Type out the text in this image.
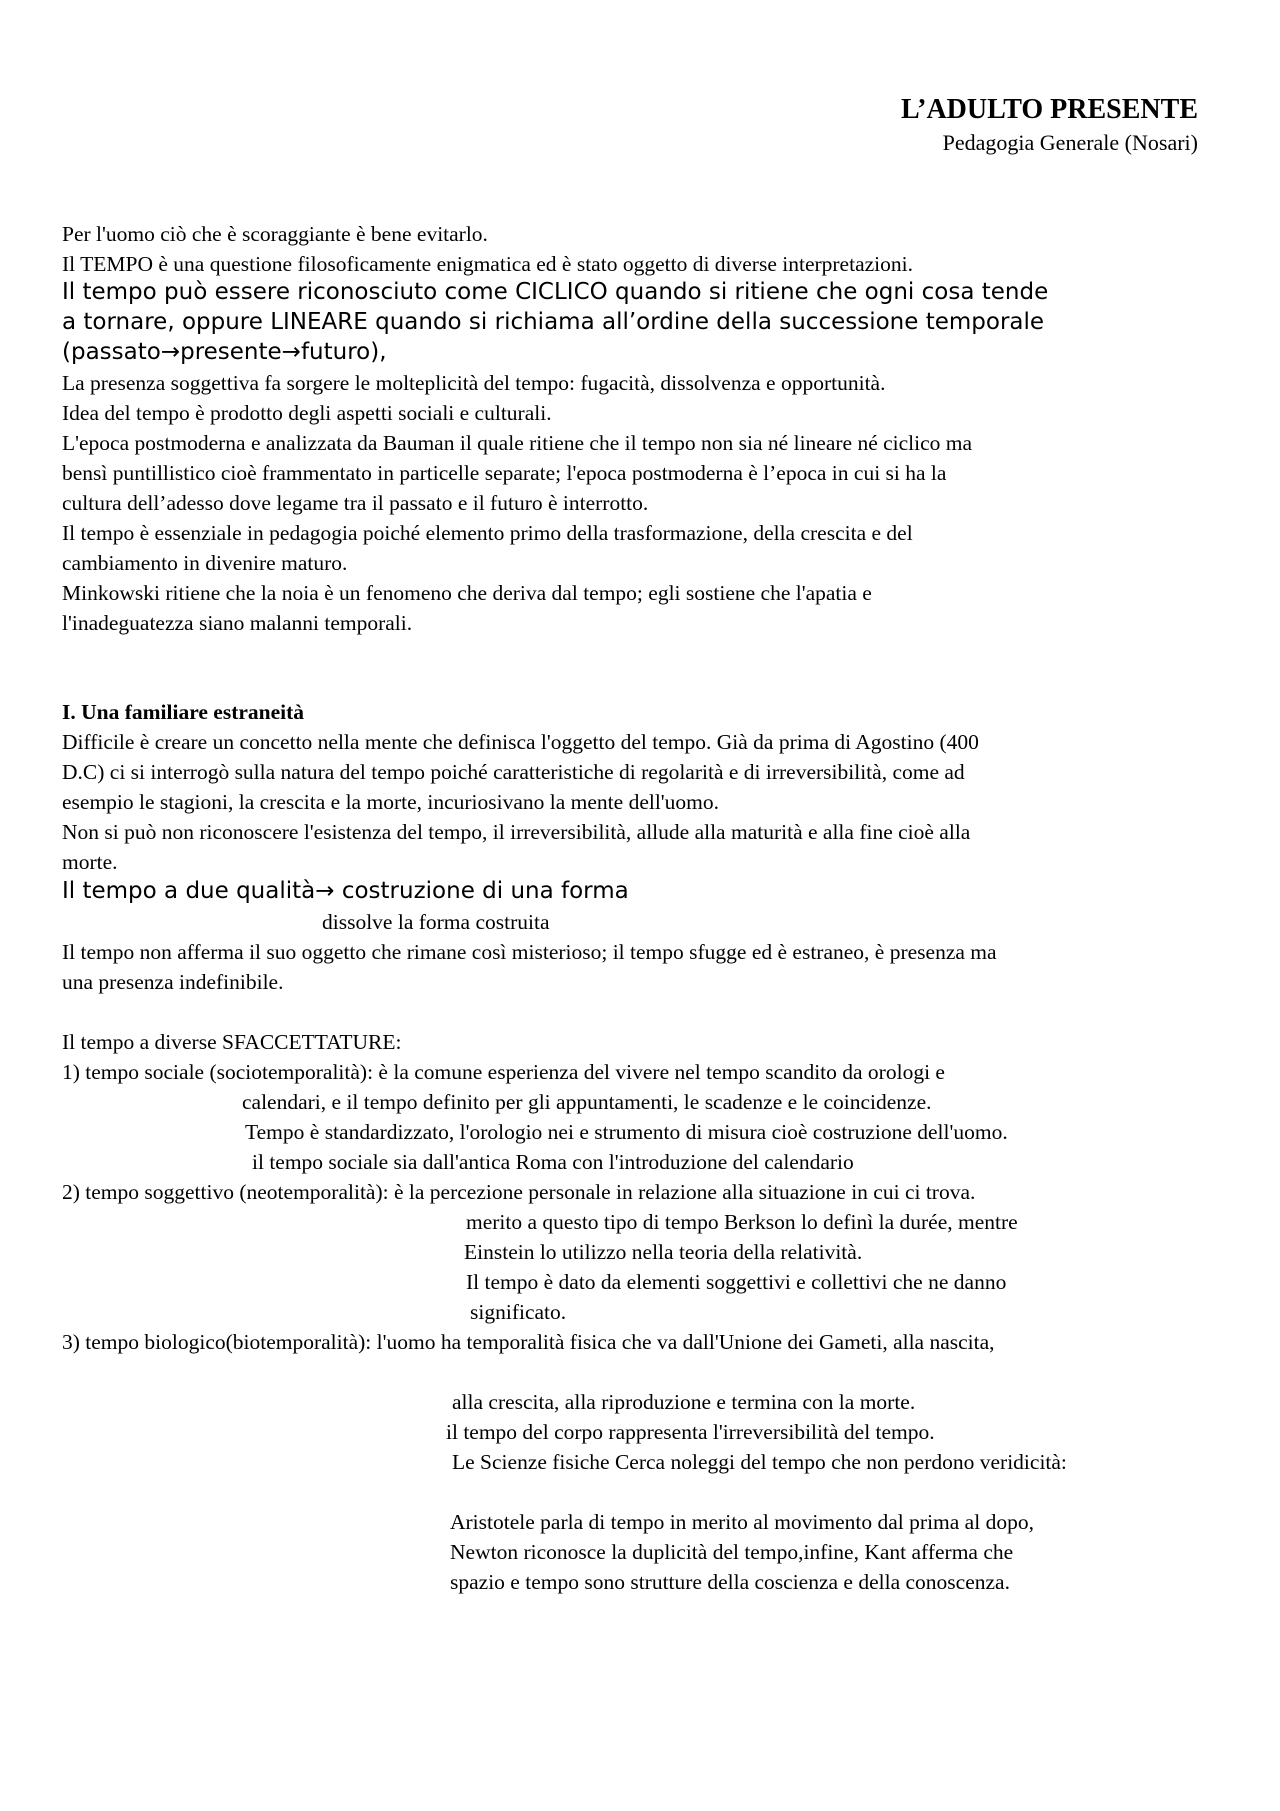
L’ADULTO PRESENTE
Pedagogia Generale (Nosari)
Per l'uomo ciò che è scoraggiante è bene evitarlo.
Il TEMPO è una questione filosoficamente enigmatica ed è stato oggetto di diverse interpretazioni.
Il tempo può essere riconosciuto come CICLICO quando si ritiene che ogni cosa tende
a tornare, oppure LINEARE quando si richiama all’ordine della successione temporale
(passato→presente→futuro),
La presenza soggettiva fa sorgere le molteplicità del tempo: fugacità, dissolvenza e opportunità.
Idea del tempo è prodotto degli aspetti sociali e culturali.
L'epoca postmoderna e analizzata da Bauman il quale ritiene che il tempo non sia né lineare né ciclico ma
bensì puntillistico cioè frammentato in particelle separate; l'epoca postmoderna è l’epoca in cui si ha la
cultura dell’adesso dove legame tra il passato e il futuro è interrotto.
Il tempo è essenziale in pedagogia poiché elemento primo della trasformazione, della crescita e del
cambiamento in divenire maturo.
Minkowski ritiene che la noia è un fenomeno che deriva dal tempo; egli sostiene che l'apatia e
l'inadeguatezza siano malanni temporali.
I. Una familiare estraneità
Difficile è creare un concetto nella mente che definisca l'oggetto del tempo. Già da prima di Agostino (400
D.C) ci si interrogò sulla natura del tempo poiché caratteristiche di regolarità e di irreversibilità, come ad
esempio le stagioni, la crescita e la morte, incuriosivano la mente dell'uomo.
Non si può non riconoscere l'esistenza del tempo, il irreversibilità, allude alla maturità e alla fine cioè alla
morte.
Il tempo a due qualità→ costruzione di una forma
dissolve la forma costruita
Il tempo non afferma il suo oggetto che rimane così misterioso; il tempo sfugge ed è estraneo, è presenza ma
una presenza indefinibile.
Il tempo a diverse SFACCETTATURE:
1) tempo sociale (sociotemporalità): è la comune esperienza del vivere nel tempo scandito da orologi e
calendari, e il tempo definito per gli appuntamenti, le scadenze e le coincidenze.
Tempo è standardizzato, l'orologio nei e strumento di misura cioè costruzione dell'uomo.
il tempo sociale sia dall'antica Roma con l'introduzione del calendario
2) tempo soggettivo (neotemporalità): è la percezione personale in relazione alla situazione in cui ci trova.
merito a questo tipo di tempo Berkson lo definì la durée, mentre
Einstein lo utilizzo nella teoria della relatività.
Il tempo è dato da elementi soggettivi e collettivi che ne danno
significato.
3) tempo biologico(biotemporalità): l'uomo ha temporalità fisica che va dall'Unione dei Gameti, alla nascita,
alla crescita, alla riproduzione e termina con la morte.
il tempo del corpo rappresenta l'irreversibilità del tempo.
Le Scienze fisiche Cerca noleggi del tempo che non perdono veridicità:
Aristotele parla di tempo in merito al movimento dal prima al dopo,
Newton riconosce la duplicità del tempo,infine, Kant afferma che
spazio e tempo sono strutture della coscienza e della conoscenza.
